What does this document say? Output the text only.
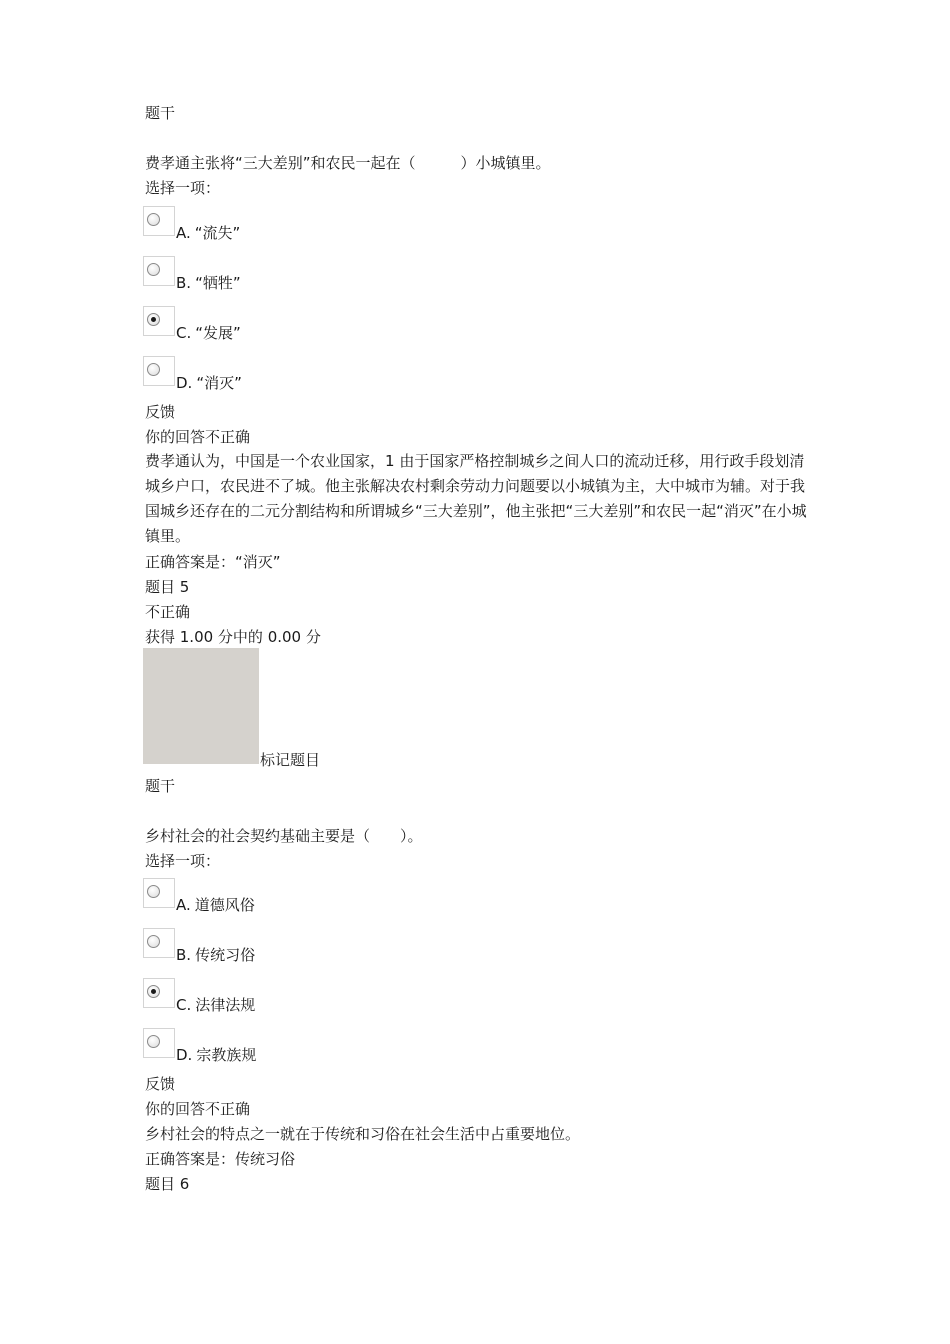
题干
费孝通主张将“三大差别”和农民一起在（　　　）小城镇里。
选择一项：
A. “流失”
B. “牺牲”
C. “发展”
D. “消灭”
反馈
你的回答不正确
费孝通认为，中国是一个农业国家，1 由于国家严格控制城乡之间人口的流动迁移，用行政手段划清城乡户口，农民进不了城。他主张解决农村剩余劳动力问题要以小城镇为主，大中城市为辅。对于我国城乡还存在的二元分割结构和所谓城乡“三大差别”，他主张把“三大差别”和农民一起“消灭”在小城镇里。
正确答案是：“消灭”
题目 5
不正确
获得 1.00 分中的 0.00 分
标记题目
题干
乡村社会的社会契约基础主要是（　　）。
选择一项：
A. 道德风俗
B. 传统习俗
C. 法律法规
D. 宗教族规
反馈
你的回答不正确
乡村社会的特点之一就在于传统和习俗在社会生活中占重要地位。
正确答案是：传统习俗
题目 6
